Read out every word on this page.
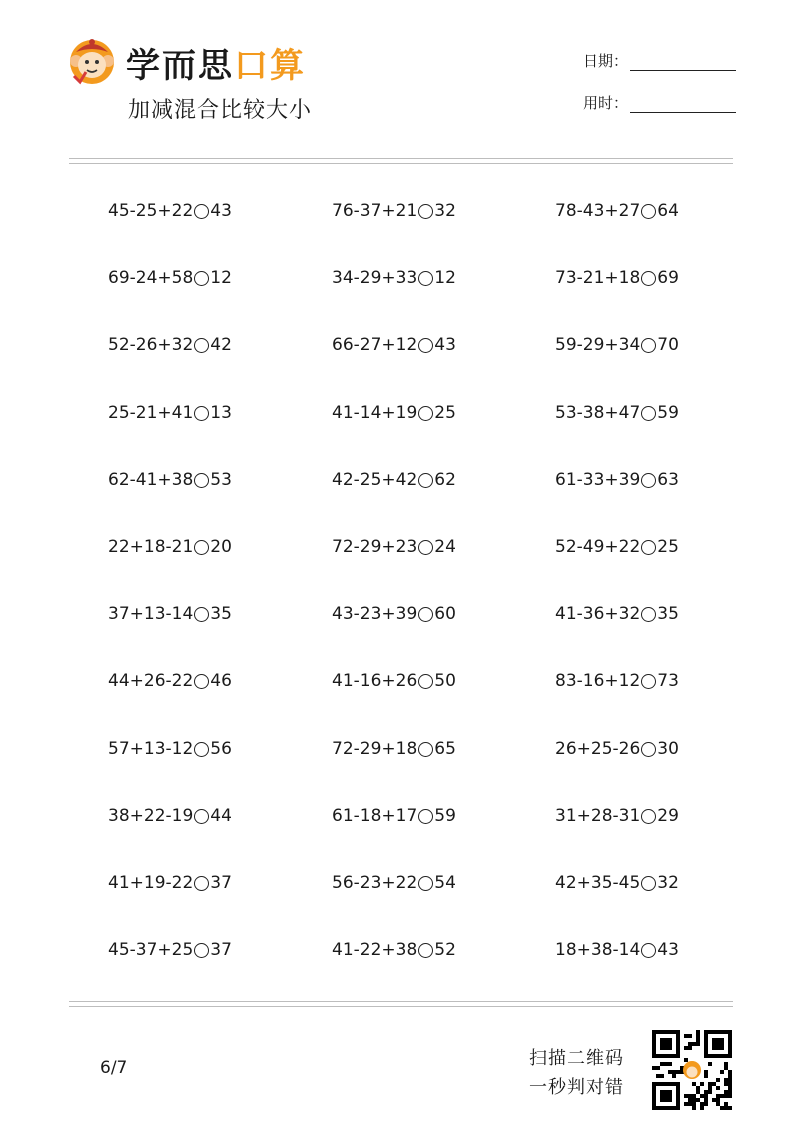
学而思口算
加减混合比较大小
日期：
用时：
45-25+22 43
69-24+58 12
52-26+32 42
25-21+41 13
62-41+38 53
22+18-21 20
37+13-14 35
44+26-22 46
57+13-12 56
38+22-19 44
41+19-22 37
45-37+25 37
76-37+21 32
34-29+33 12
66-27+12 43
41-14+19 25
42-25+42 62
72-29+23 24
43-23+39 60
41-16+26 50
72-29+18 65
61-18+17 59
56-23+22 54
41-22+38 52
78-43+27 64
73-21+18 69
59-29+34 70
53-38+47 59
61-33+39 63
52-49+22 25
41-36+32 35
83-16+12 73
26+25-26 30
31+28-31 29
42+35-45 32
18+38-14 43
6/7	扫描二维码
一秒判对错
